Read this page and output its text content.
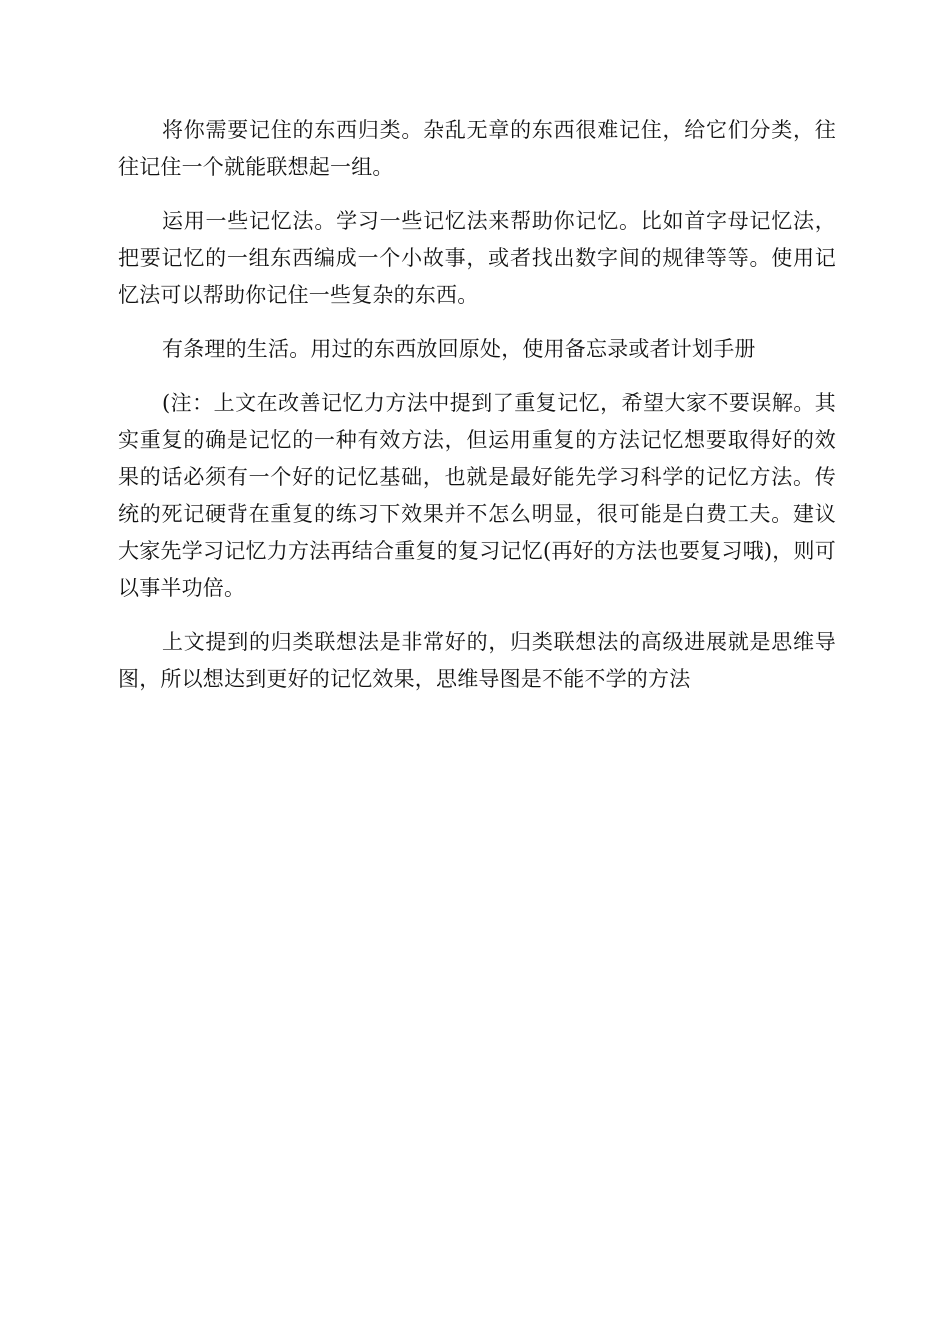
将你需要记住的东西归类。杂乱无章的东西很难记住，给它们分类，往往记住一个就能联想起一组。

运用一些记忆法。学习一些记忆法来帮助你记忆。比如首字母记忆法，把要记忆的一组东西编成一个小故事，或者找出数字间的规律等等。使用记忆法可以帮助你记住一些复杂的东西。

有条理的生活。用过的东西放回原处，使用备忘录或者计划手册

(注：上文在改善记忆力方法中提到了重复记忆，希望大家不要误解。其实重复的确是记忆的一种有效方法，但运用重复的方法记忆想要取得好的效果的话必须有一个好的记忆基础，也就是最好能先学习科学的记忆方法。传统的死记硬背在重复的练习下效果并不怎么明显，很可能是白费工夫。建议大家先学习记忆力方法再结合重复的复习记忆(再好的方法也要复习哦)，则可以事半功倍。

上文提到的归类联想法是非常好的，归类联想法的高级进展就是思维导图，所以想达到更好的记忆效果，思维导图是不能不学的方法
